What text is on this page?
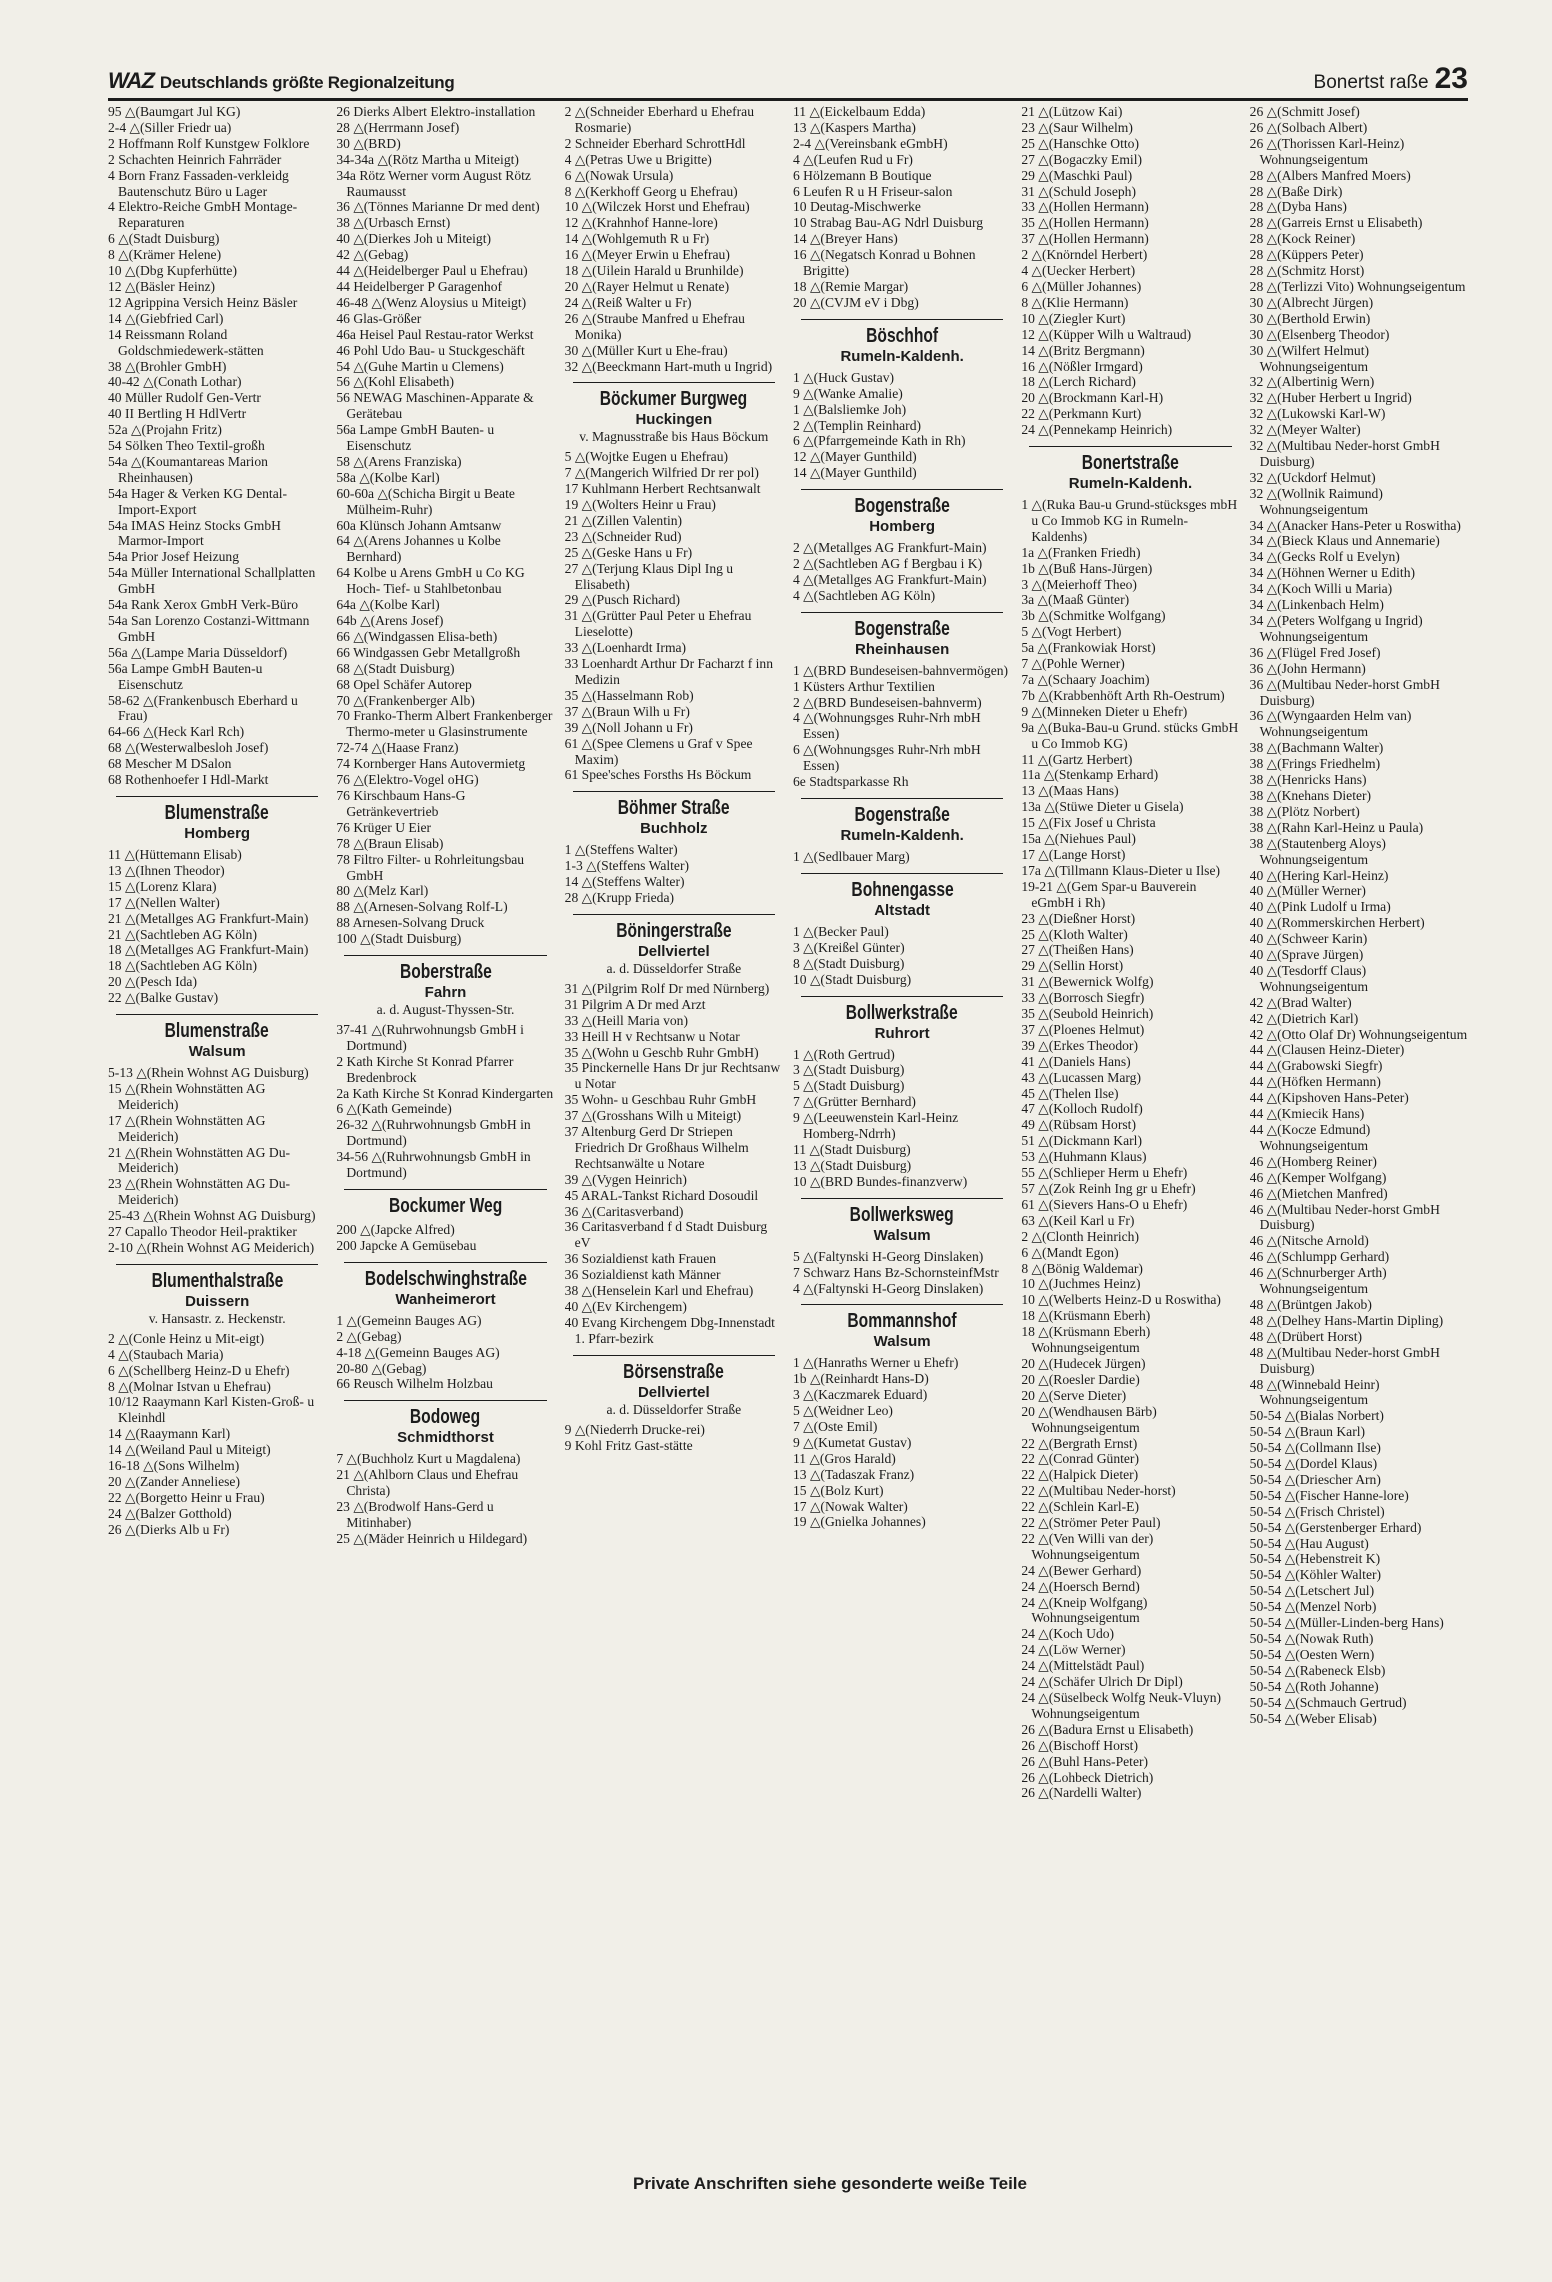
WAZ Deutschlands größte Regionalzeitung	Bonertst raße 23
95 △(Baumgart Jul KG)
2-4 △(Siller Friedr ua)
2 Hoffmann Rolf Kunstgew Folklore
2 Schachten Heinrich Fahrräder
4 Born Franz Fassaden-verkleidg Bautenschutz Büro u Lager
4 Elektro-Reiche GmbH Montage-Reparaturen
6 △(Stadt Duisburg)
8 △(Krämer Helene)
10 △(Dbg Kupferhütte)
12 △(Bäsler Heinz)
12 Agrippina Versich Heinz Bäsler
14 △(Giebfried Carl)
14 Reissmann Roland Goldschmiedewerk-stätten
38 △(Brohler GmbH)
40-42 △(Conath Lothar)
40 Müller Rudolf Gen-Vertr
40 II Bertling H HdlVertr
52a △(Projahn Fritz)
54 Sölken Theo Textil-großh
54a △(Koumantareas Marion Rheinhausen)
54a Hager & Verken KG Dental-Import-Export
54a IMAS Heinz Stocks GmbH Marmor-Import
54a Prior Josef Heizung
54a Müller International Schallplatten GmbH
54a Rank Xerox GmbH Verk-Büro
54a San Lorenzo Costanzi-Wittmann GmbH
56a △(Lampe Maria Düsseldorf)
56a Lampe GmbH Bauten-u Eisenschutz
58-62 △(Frankenbusch Eberhard u Frau)
64-66 △(Heck Karl Rch)
68 △(Westerwalbesloh Josef)
68 Mescher M DSalon
68 Rothenhoefer I Hdl-Markt
Blumenstraße
Homberg
11 △(Hüttemann Elisab)
13 △(Ihnen Theodor)
15 △(Lorenz Klara)
17 △(Nellen Walter)
21 △(Metallges AG Frankfurt-Main)
21 △(Sachtleben AG Köln)
18 △(Metallges AG Frankfurt-Main)
18 △(Sachtleben AG Köln)
20 △(Pesch Ida)
22 △(Balke Gustav)
Blumenstraße
Walsum
5-13 △(Rhein Wohnst AG Duisburg)
15 △(Rhein Wohnstätten AG Meiderich)
17 △(Rhein Wohnstätten AG Meiderich)
21 △(Rhein Wohnstätten AG Du-Meiderich)
23 △(Rhein Wohnstätten AG Du-Meiderich)
25-43 △(Rhein Wohnst AG Duisburg)
27 Capallo Theodor Heil-praktiker
2-10 △(Rhein Wohnst AG Meiderich)
Blumenthalstraße
Duissern
v. Hansastr. z. Heckenstr.
2 △(Conle Heinz u Mit-eigt)
4 △(Staubach Maria)
6 △(Schellberg Heinz-D u Ehefr)
8 △(Molnar Istvan u Ehefrau)
10/12 Raaymann Karl Kisten-Groß- u Kleinhdl
14 △(Raaymann Karl)
14 △(Weiland Paul u Miteigt)
16-18 △(Sons Wilhelm)
20 △(Zander Anneliese)
22 △(Borgetto Heinr u Frau)
24 △(Balzer Gotthold)
26 △(Dierks Alb u Fr)
26 Dierks Albert Elektro-installation
28 △(Herrmann Josef)
30 △(BRD)
34-34a △(Rötz Martha u Miteigt)
34a Rötz Werner vorm August Rötz Raumausst
36 △(Tönnes Marianne Dr med dent)
38 △(Urbasch Ernst)
40 △(Dierkes Joh u Miteigt)
42 △(Gebag)
44 △(Heidelberger Paul u Ehefrau)
44 Heidelberger P Garagenhof
46-48 △(Wenz Aloysius u Miteigt)
46 Glas-Größer
46a Heisel Paul Restau-rator Werkst
46 Pohl Udo Bau- u Stuckgeschäft
54 △(Guhe Martin u Clemens)
56 △(Kohl Elisabeth)
56 NEWAG Maschinen-Apparate & Gerätebau
56a Lampe GmbH Bauten- u Eisenschutz
58 △(Arens Franziska)
58a △(Kolbe Karl)
60-60a △(Schicha Birgit u Beate Mülheim-Ruhr)
60a Klünsch Johann Amtsanw
64 △(Arens Johannes u Kolbe Bernhard)
64 Kolbe u Arens GmbH u Co KG Hoch- Tief- u Stahlbetonbau
64a △(Kolbe Karl)
64b △(Arens Josef)
66 △(Windgassen Elisa-beth)
66 Windgassen Gebr Metallgroßh
68 △(Stadt Duisburg)
68 Opel Schäfer Autorep
70 △(Frankenberger Alb)
70 Franko-Therm Albert Frankenberger Thermo-meter u Glasinstrumente
72-74 △(Haase Franz)
74 Kornberger Hans Autovermietg
76 △(Elektro-Vogel oHG)
76 Kirschbaum Hans-G Getränkevertrieb
76 Krüger U Eier
78 △(Braun Elisab)
78 Filtro Filter- u Rohrleitungsbau GmbH
80 △(Melz Karl)
88 △(Arnesen-Solvang Rolf-L)
88 Arnesen-Solvang Druck
100 △(Stadt Duisburg)
Boberstraße
Fahrn
a. d. August-Thyssen-Str.
37-41 △(Ruhrwohnungsb GmbH i Dortmund)
2 Kath Kirche St Konrad Pfarrer Bredenbrock
2a Kath Kirche St Konrad Kindergarten
6 △(Kath Gemeinde)
26-32 △(Ruhrwohnungsb GmbH in Dortmund)
34-56 △(Ruhrwohnungsb GmbH in Dortmund)
Bockumer Weg
200 △(Japcke Alfred)
200 Japcke A Gemüsebau
Bodelschwinghstraße
Wanheimerort
1 △(Gemeinn Bauges AG)
2 △(Gebag)
4-18 △(Gemeinn Bauges AG)
20-80 △(Gebag)
66 Reusch Wilhelm Holzbau
Bodoweg
Schmidthorst
7 △(Buchholz Kurt u Magdalena)
21 △(Ahlborn Claus und Ehefrau Christa)
23 △(Brodwolf Hans-Gerd u Mitinhaber)
25 △(Mäder Heinrich u Hildegard)
2 △(Schneider Eberhard u Ehefrau Rosmarie)
2 Schneider Eberhard SchrottHdl
4 △(Petras Uwe u Brigitte)
6 △(Nowak Ursula)
8 △(Kerkhoff Georg u Ehefrau)
10 △(Wilczek Horst und Ehefrau)
12 △(Krahnhof Hanne-lore)
14 △(Wohlgemuth R u Fr)
16 △(Meyer Erwin u Ehefrau)
18 △(Uilein Harald u Brunhilde)
20 △(Rayer Helmut u Renate)
24 △(Reiß Walter u Fr)
26 △(Straube Manfred u Ehefrau Monika)
30 △(Müller Kurt u Ehe-frau)
32 △(Beeckmann Hart-muth u Ingrid)
Böckumer Burgweg
Huckingen
v. Magnusstraße bis Haus Böckum
5 △(Wojtke Eugen u Ehefrau)
7 △(Mangerich Wilfried Dr rer pol)
17 Kuhlmann Herbert Rechtsanwalt
19 △(Wolters Heinr u Frau)
21 △(Zillen Valentin)
23 △(Schneider Rud)
25 △(Geske Hans u Fr)
27 △(Terjung Klaus Dipl Ing u Elisabeth)
29 △(Pusch Richard)
31 △(Grütter Paul Peter u Ehefrau Lieselotte)
33 △(Loenhardt Irma)
33 Loenhardt Arthur Dr Facharzt f inn Medizin
35 △(Hasselmann Rob)
37 △(Braun Wilh u Fr)
39 △(Noll Johann u Fr)
61 △(Spee Clemens u Graf v Spee Maxim)
61 Spee'sches Forsths Hs Böckum
Böhmer Straße
Buchholz
1 △(Steffens Walter)
1-3 △(Steffens Walter)
14 △(Steffens Walter)
28 △(Krupp Frieda)
Böningerstraße
Dellviertel
a. d. Düsseldorfer Straße
31 △(Pilgrim Rolf Dr med Nürnberg)
31 Pilgrim A Dr med Arzt
33 △(Heill Maria von)
33 Heill H v Rechtsanw u Notar
35 △(Wohn u Geschb Ruhr GmbH)
35 Pinckernelle Hans Dr jur Rechtsanw u Notar
35 Wohn- u Geschbau Ruhr GmbH
37 △(Grosshans Wilh u Miteigt)
37 Altenburg Gerd Dr Striepen Friedrich Dr Großhaus Wilhelm Rechtsanwälte u Notare
39 △(Vygen Heinrich)
45 ARAL-Tankst Richard Dosoudil
36 △(Caritasverband)
36 Caritasverband f d Stadt Duisburg eV
36 Sozialdienst kath Frauen
36 Sozialdienst kath Männer
38 △(Henselein Karl und Ehefrau)
40 △(Ev Kirchengem)
40 Evang Kirchengem Dbg-Innenstadt 1. Pfarr-bezirk
Börsenstraße
Dellviertel
a. d. Düsseldorfer Straße
9 △(Niederrh Drucke-rei)
9 Kohl Fritz Gast-stätte
11 △(Eickelbaum Edda)
13 △(Kaspers Martha)
2-4 △(Vereinsbank eGmbH)
4 △(Leufen Rud u Fr)
6 Hölzemann B Boutique
6 Leufen R u H Friseur-salon
10 Deutag-Mischwerke
10 Strabag Bau-AG Ndrl Duisburg
14 △(Breyer Hans)
16 △(Negatsch Konrad u Bohnen Brigitte)
18 △(Remie Margar)
20 △(CVJM eV i Dbg)
Böschhof
Rumeln-Kaldenh.
1 △(Huck Gustav)
9 △(Wanke Amalie)
1 △(Balsliemke Joh)
2 △(Templin Reinhard)
6 △(Pfarrgemeinde Kath in Rh)
12 △(Mayer Gunthild)
14 △(Mayer Gunthild)
Bogenstraße
Homberg
2 △(Metallges AG Frankfurt-Main)
2 △(Sachtleben AG f Bergbau i K)
4 △(Metallges AG Frankfurt-Main)
4 △(Sachtleben AG Köln)
Bogenstraße
Rheinhausen
1 △(BRD Bundeseisen-bahnvermögen)
1 Küsters Arthur Textilien
2 △(BRD Bundeseisen-bahnverm)
4 △(Wohnungsges Ruhr-Nrh mbH Essen)
6 △(Wohnungsges Ruhr-Nrh mbH Essen)
6e Stadtsparkasse Rh
Bogenstraße
Rumeln-Kaldenh.
1 △(Sedlbauer Marg)
Bohnengasse
Altstadt
1 △(Becker Paul)
3 △(Kreißel Günter)
8 △(Stadt Duisburg)
10 △(Stadt Duisburg)
Bollwerkstraße
Ruhrort
1 △(Roth Gertrud)
3 △(Stadt Duisburg)
5 △(Stadt Duisburg)
7 △(Grütter Bernhard)
9 △(Leeuwenstein Karl-Heinz Homberg-Ndrrh)
11 △(Stadt Duisburg)
13 △(Stadt Duisburg)
10 △(BRD Bundes-finanzverw)
Bollwerksweg
Walsum
5 △(Faltynski H-Georg Dinslaken)
7 Schwarz Hans Bz-SchornsteinfMstr
4 △(Faltynski H-Georg Dinslaken)
Bommannshof
Walsum
1 △(Hanraths Werner u Ehefr)
1b △(Reinhardt Hans-D)
3 △(Kaczmarek Eduard)
5 △(Weidner Leo)
7 △(Oste Emil)
9 △(Kumetat Gustav)
11 △(Gros Harald)
13 △(Tadaszak Franz)
15 △(Bolz Kurt)
17 △(Nowak Walter)
19 △(Gnielka Johannes)
21 △(Lützow Kai)
23 △(Saur Wilhelm)
25 △(Hanschke Otto)
27 △(Bogaczky Emil)
29 △(Maschki Paul)
31 △(Schuld Joseph)
33 △(Hollen Hermann)
35 △(Hollen Hermann)
37 △(Hollen Hermann)
2 △(Knörndel Herbert)
4 △(Uecker Herbert)
6 △(Müller Johannes)
8 △(Klie Hermann)
10 △(Ziegler Kurt)
12 △(Küpper Wilh u Waltraud)
14 △(Britz Bergmann)
16 △(Nößler Irmgard)
18 △(Lerch Richard)
20 △(Brockmann Karl-H)
22 △(Perkmann Kurt)
24 △(Pennekamp Heinrich)
Bonertstraße
Rumeln-Kaldenh.
1 △(Ruka Bau-u Grund-stücksges mbH u Co Immob KG in Rumeln-Kaldenhs)
1a △(Franken Friedh)
1b △(Buß Hans-Jürgen)
3 △(Meierhoff Theo)
3a △(Maaß Günter)
3b △(Schmitke Wolfgang)
5 △(Vogt Herbert)
5a △(Frankowiak Horst)
7 △(Pohle Werner)
7a △(Schaary Joachim)
7b △(Krabbenhöft Arth Rh-Oestrum)
9 △(Minneken Dieter u Ehefr)
9a △(Buka-Bau-u Grund. stücks GmbH u Co Immob KG)
11 △(Gartz Herbert)
11a △(Stenkamp Erhard)
13 △(Maas Hans)
13a △(Stüwe Dieter u Gisela)
15 △(Fix Josef u Christa
15a △(Niehues Paul)
17 △(Lange Horst)
17a △(Tillmann Klaus-Dieter u Ilse)
19-21 △(Gem Spar-u Bauverein eGmbH i Rh)
23 △(Dießner Horst)
25 △(Kloth Walter)
27 △(Theißen Hans)
29 △(Sellin Horst)
31 △(Bewernick Wolfg)
33 △(Borrosch Siegfr)
35 △(Seubold Heinrich)
37 △(Ploenes Helmut)
39 △(Erkes Theodor)
41 △(Daniels Hans)
43 △(Lucassen Marg)
45 △(Thelen Ilse)
47 △(Kolloch Rudolf)
49 △(Rübsam Horst)
51 △(Dickmann Karl)
53 △(Huhmann Klaus)
55 △(Schlieper Herm u Ehefr)
57 △(Zok Reinh Ing gr u Ehefr)
61 △(Sievers Hans-O u Ehefr)
63 △(Keil Karl u Fr)
2 △(Clonth Heinrich)
6 △(Mandt Egon)
8 △(Bönig Waldemar)
10 △(Juchmes Heinz)
10 △(Welberts Heinz-D u Roswitha)
18 △(Krüsmann Eberh)
18 △(Krüsmann Eberh) Wohnungseigentum
20 △(Hudecek Jürgen)
20 △(Roesler Dardie)
20 △(Serve Dieter)
20 △(Wendhausen Bärb) Wohnungseigentum
22 △(Bergrath Ernst)
22 △(Conrad Günter)
22 △(Halpick Dieter)
22 △(Multibau Neder-horst)
22 △(Schlein Karl-E)
22 △(Strömer Peter Paul)
22 △(Ven Willi van der) Wohnungseigentum
24 △(Bewer Gerhard)
24 △(Hoersch Bernd)
24 △(Kneip Wolfgang) Wohnungseigentum
24 △(Koch Udo)
24 △(Löw Werner)
24 △(Mittelstädt Paul)
24 △(Schäfer Ulrich Dr Dipl)
24 △(Süselbeck Wolfg Neuk-Vluyn) Wohnungseigentum
26 △(Badura Ernst u Elisabeth)
26 △(Bischoff Horst)
26 △(Buhl Hans-Peter)
26 △(Lohbeck Dietrich)
26 △(Nardelli Walter)
26 △(Schmitt Josef)
26 △(Solbach Albert)
26 △(Thorissen Karl-Heinz) Wohnungseigentum
28 △(Albers Manfred Moers)
28 △(Baße Dirk)
28 △(Dyba Hans)
28 △(Garreis Ernst u Elisabeth)
28 △(Kock Reiner)
28 △(Küppers Peter)
28 △(Schmitz Horst)
28 △(Terlizzi Vito) Wohnungseigentum
30 △(Albrecht Jürgen)
30 △(Berthold Erwin)
30 △(Elsenberg Theodor)
30 △(Wilfert Helmut) Wohnungseigentum
32 △(Albertinig Wern)
32 △(Huber Herbert u Ingrid)
32 △(Lukowski Karl-W)
32 △(Meyer Walter)
32 △(Multibau Neder-horst GmbH Duisburg)
32 △(Uckdorf Helmut)
32 △(Wollnik Raimund) Wohnungseigentum
34 △(Anacker Hans-Peter u Roswitha)
34 △(Bieck Klaus und Annemarie)
34 △(Gecks Rolf u Evelyn)
34 △(Höhnen Werner u Edith)
34 △(Koch Willi u Maria)
34 △(Linkenbach Helm)
34 △(Peters Wolfgang u Ingrid) Wohnungseigentum
36 △(Flügel Fred Josef)
36 △(John Hermann)
36 △(Multibau Neder-horst GmbH Duisburg)
36 △(Wyngaarden Helm van) Wohnungseigentum
38 △(Bachmann Walter)
38 △(Frings Friedhelm)
38 △(Henricks Hans)
38 △(Knehans Dieter)
38 △(Plötz Norbert)
38 △(Rahn Karl-Heinz u Paula)
38 △(Stautenberg Aloys) Wohnungseigentum
40 △(Hering Karl-Heinz)
40 △(Müller Werner)
40 △(Pink Ludolf u Irma)
40 △(Rommerskirchen Herbert)
40 △(Schweer Karin)
40 △(Sprave Jürgen)
40 △(Tesdorff Claus) Wohnungseigentum
42 △(Brad Walter)
42 △(Dietrich Karl)
42 △(Otto Olaf Dr) Wohnungseigentum
44 △(Clausen Heinz-Dieter)
44 △(Grabowski Siegfr)
44 △(Höfken Hermann)
44 △(Kipshoven Hans-Peter)
44 △(Kmiecik Hans)
44 △(Kocze Edmund) Wohnungseigentum
46 △(Homberg Reiner)
46 △(Kemper Wolfgang)
46 △(Mietchen Manfred)
46 △(Multibau Neder-horst GmbH Duisburg)
46 △(Nitsche Arnold)
46 △(Schlumpp Gerhard)
46 △(Schnurberger Arth) Wohnungseigentum
48 △(Brüntgen Jakob)
48 △(Delhey Hans-Martin Dipling)
48 △(Drübert Horst)
48 △(Multibau Neder-horst GmbH Duisburg)
48 △(Winnebald Heinr) Wohnungseigentum
50-54 △(Bialas Norbert)
50-54 △(Braun Karl)
50-54 △(Collmann Ilse)
50-54 △(Dordel Klaus)
50-54 △(Driescher Arn)
50-54 △(Fischer Hanne-lore)
50-54 △(Frisch Christel)
50-54 △(Gerstenberger Erhard)
50-54 △(Hau August)
50-54 △(Hebenstreit K)
50-54 △(Köhler Walter)
50-54 △(Letschert Jul)
50-54 △(Menzel Norb)
50-54 △(Müller-Linden-berg Hans)
50-54 △(Nowak Ruth)
50-54 △(Oesten Wern)
50-54 △(Rabeneck Elsb)
50-54 △(Roth Johanne)
50-54 △(Schmauch Gertrud)
50-54 △(Weber Elisab)
Private Anschriften siehe gesonderte weiße Teile
